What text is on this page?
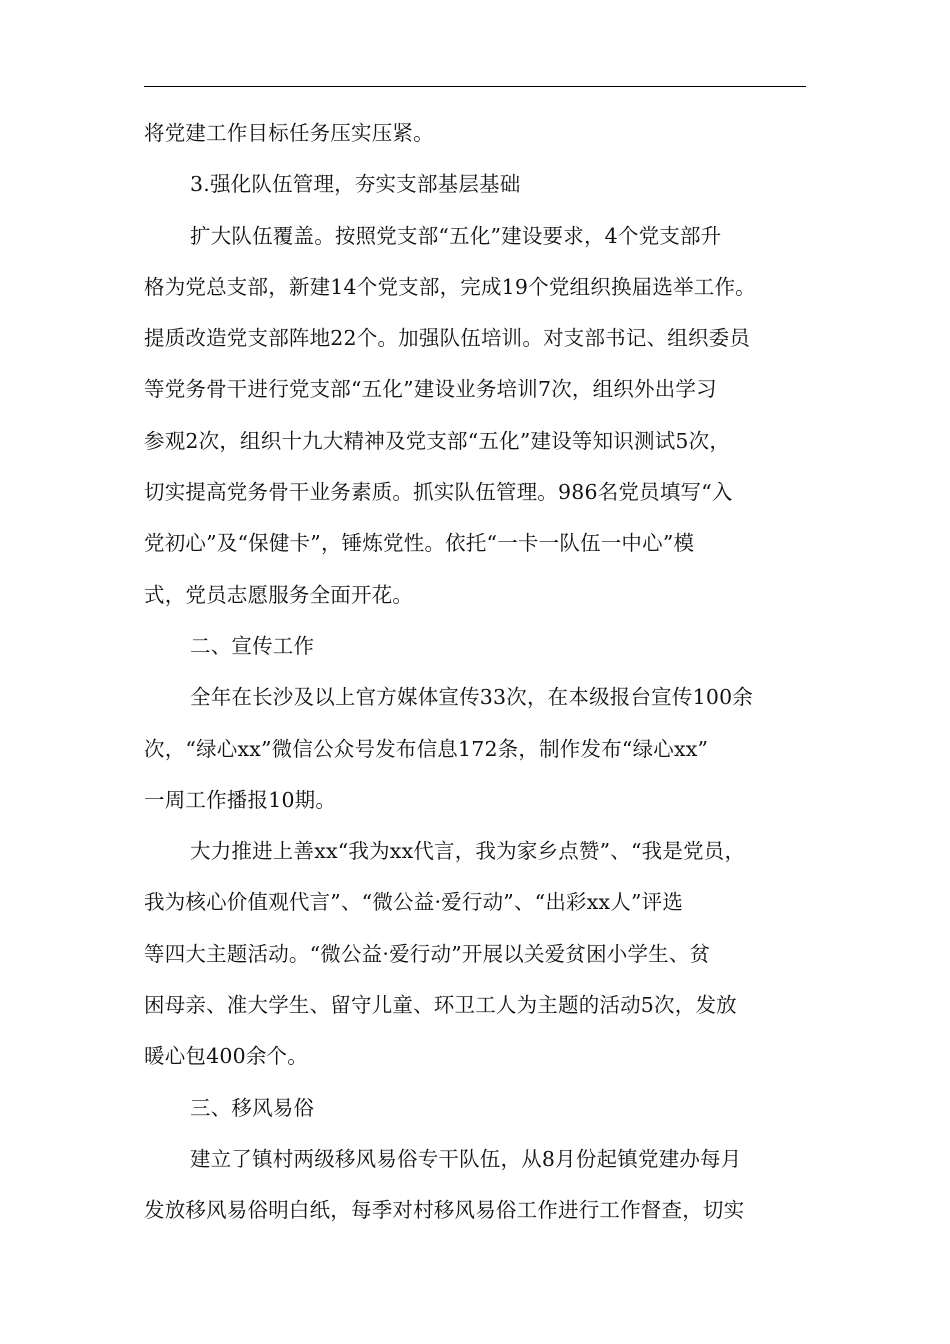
将党建工作目标任务压实压紧。
3.强化队伍管理，夯实支部基层基础
扩大队伍覆盖。按照党支部“五化”建设要求，4个党支部升
格为党总支部，新建14个党支部，完成19个党组织换届选举工作。
提质改造党支部阵地22个。加强队伍培训。对支部书记、组织委员
等党务骨干进行党支部“五化”建设业务培训7次，组织外出学习
参观2次，组织十九大精神及党支部“五化”建设等知识测试5次，
切实提高党务骨干业务素质。抓实队伍管理。986名党员填写“入
党初心”及“保健卡”，锤炼党性。依托“一卡一队伍一中心”模
式，党员志愿服务全面开花。
二、宣传工作
全年在长沙及以上官方媒体宣传33次，在本级报台宣传100余
次，“绿心xx”微信公众号发布信息172条，制作发布“绿心xx”
一周工作播报10期。
大力推进上善xx“我为xx代言，我为家乡点赞”、“我是党员，
我为核心价值观代言”、“微公益·爱行动”、“出彩xx人”评选
等四大主题活动。“微公益·爱行动”开展以关爱贫困小学生、贫
困母亲、准大学生、留守儿童、环卫工人为主题的活动5次，发放
暖心包400余个。
三、移风易俗
建立了镇村两级移风易俗专干队伍，从8月份起镇党建办每月
发放移风易俗明白纸，每季对村移风易俗工作进行工作督查，切实
